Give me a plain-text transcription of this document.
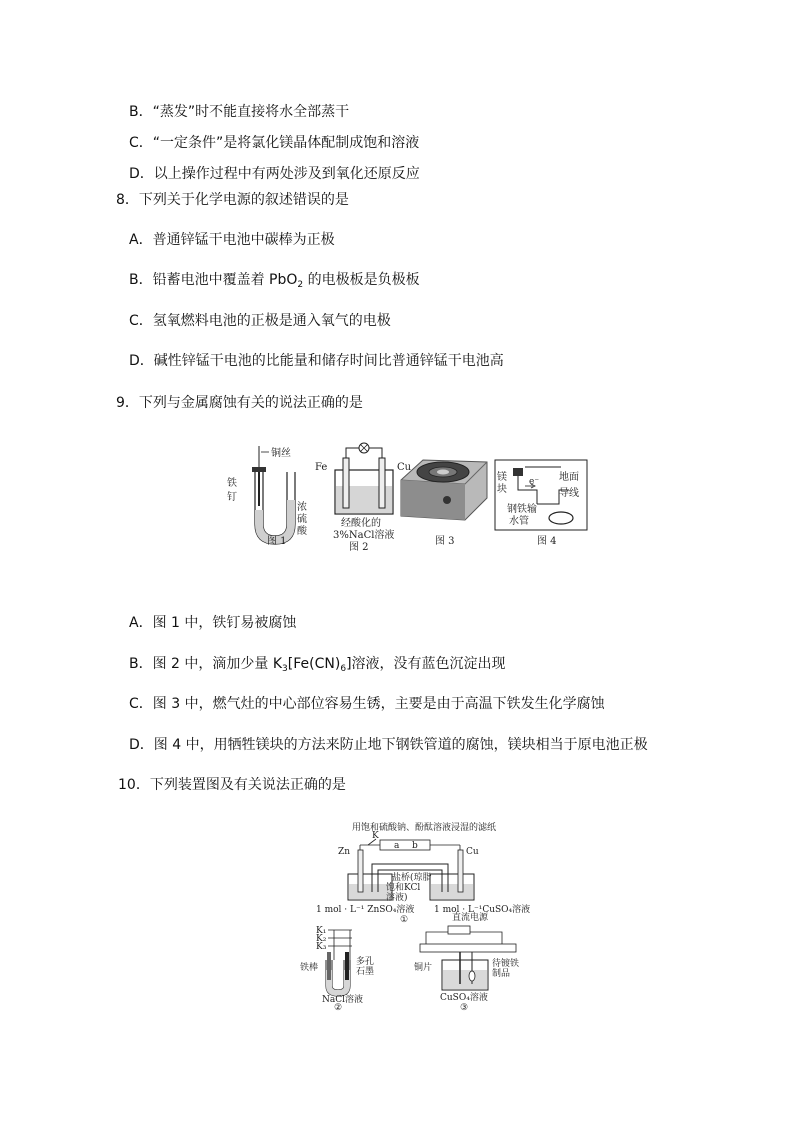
B．“蒸发”时不能直接将水全部蒸干
C．“一定条件”是将氯化镁晶体配制成饱和溶液
D．以上操作过程中有两处涉及到氧化还原反应
8．下列关于化学电源的叙述错误的是
A．普通锌锰干电池中碳棒为正极
B．铅蓄电池中覆盖着 PbO$_2$ 的电极板是负极板
C．氢氧燃料电池的正极是通入氧气的电极
D．碱性锌锰干电池的比能量和储存时间比普通锌锰干电池高
9．下列与金属腐蚀有关的说法正确的是
铜丝
铁
钉
浓
硫
酸
图 1
Fe	Cu
经酸化的
3%NaCl溶液
图 2
图 3
镁
块
e⁻ 地面
导线
钢铁输
水管
图 4
A．图 1 中，铁钉易被腐蚀
B．图 2 中，滴加少量 $K_3[Fe(CN)_6]$溶液，没有蓝色沉淀出现
C．图 3 中，燃气灶的中心部位容易生锈，主要是由于高温下铁发生化学腐蚀
D．图 4 中，用牺牲镁块的方法来防止地下钢铁管道的腐蚀，镁块相当于原电池正极
10．下列装置图及有关说法正确的是
用饱和硫酸钠、酚酞溶液浸湿的滤纸
K
a b
Zn	Cu
盐桥(琼脂
饱和KCl
溶液)
1 mol · L⁻¹ ZnSO₄溶液 1 mol · L⁻¹CuSO₄溶液
①
K₁
K₂
K₃
铁棒
多孔
石墨
NaCl溶液
②
直流电源
铜片	待镀铁
制品
CuSO₄溶液
③
